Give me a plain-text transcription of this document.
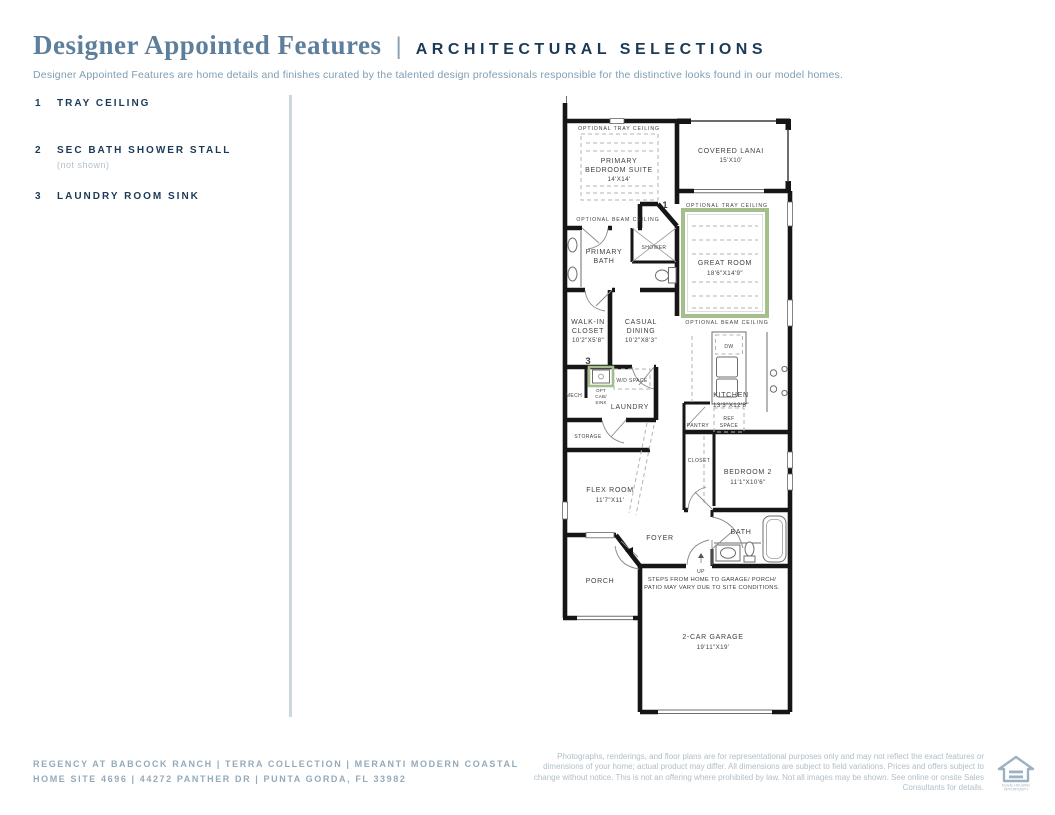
Designer Appointed Features | ARCHITECTURAL SELECTIONS
Designer Appointed Features are home details and finishes curated by the talented design professionals responsible for the distinctive looks found in our model homes.
1	TRAY CEILING
2	SEC BATH SHOWER STALL
(not shown)
3	LAUNDRY ROOM SINK
OPTIONAL TRAY CEILING
PRIMARY
BEDROOM SUITE
14'X14'
OPTIONAL BEAM CEILING
COVERED LANAI
15'X10'
1	OPTIONAL TRAY CEILING
GREAT ROOM
18'6"X14'9"
OPTIONAL BEAM CEILING
PRIMARY
BATH
SHOWER
WALK-IN
CLOSET
10'2"X5'8"
CASUAL
DINING
10'2"X8'3"
3
MECH
W/D SPACE
OPT
CAB/
SINK
LAUNDRY
STORAGE
KITCHEN
13'3"X12'8"
DW
PANTRY
REF
SPACE
CLOSET
BEDROOM 2
11'1"X10'6"
FLEX ROOM
11'7"X11'
FOYER
BATH
UP
PORCH	STEPS FROM HOME TO GARAGE/ PORCH/
PATIO MAY VARY DUE TO SITE CONDITIONS.
2-CAR GARAGE
19'11"X19'
REGENCY AT BABCOCK RANCH | TERRA COLLECTION | MERANTI MODERN COASTAL
HOME SITE 4696 | 44272 PANTHER DR | PUNTA GORDA, FL 33982
Photographs, renderings, and floor plans are for representational purposes only and may not reflect the exact features or dimensions of your home; actual product may differ. All dimensions are subject to field variations. Prices and offers subject to change without notice. This is not an offering where prohibited by law. Not all images may be shown. See online or onsite Sales Consultants for details.	EQUAL HOUSING
OPPORTUNITY
